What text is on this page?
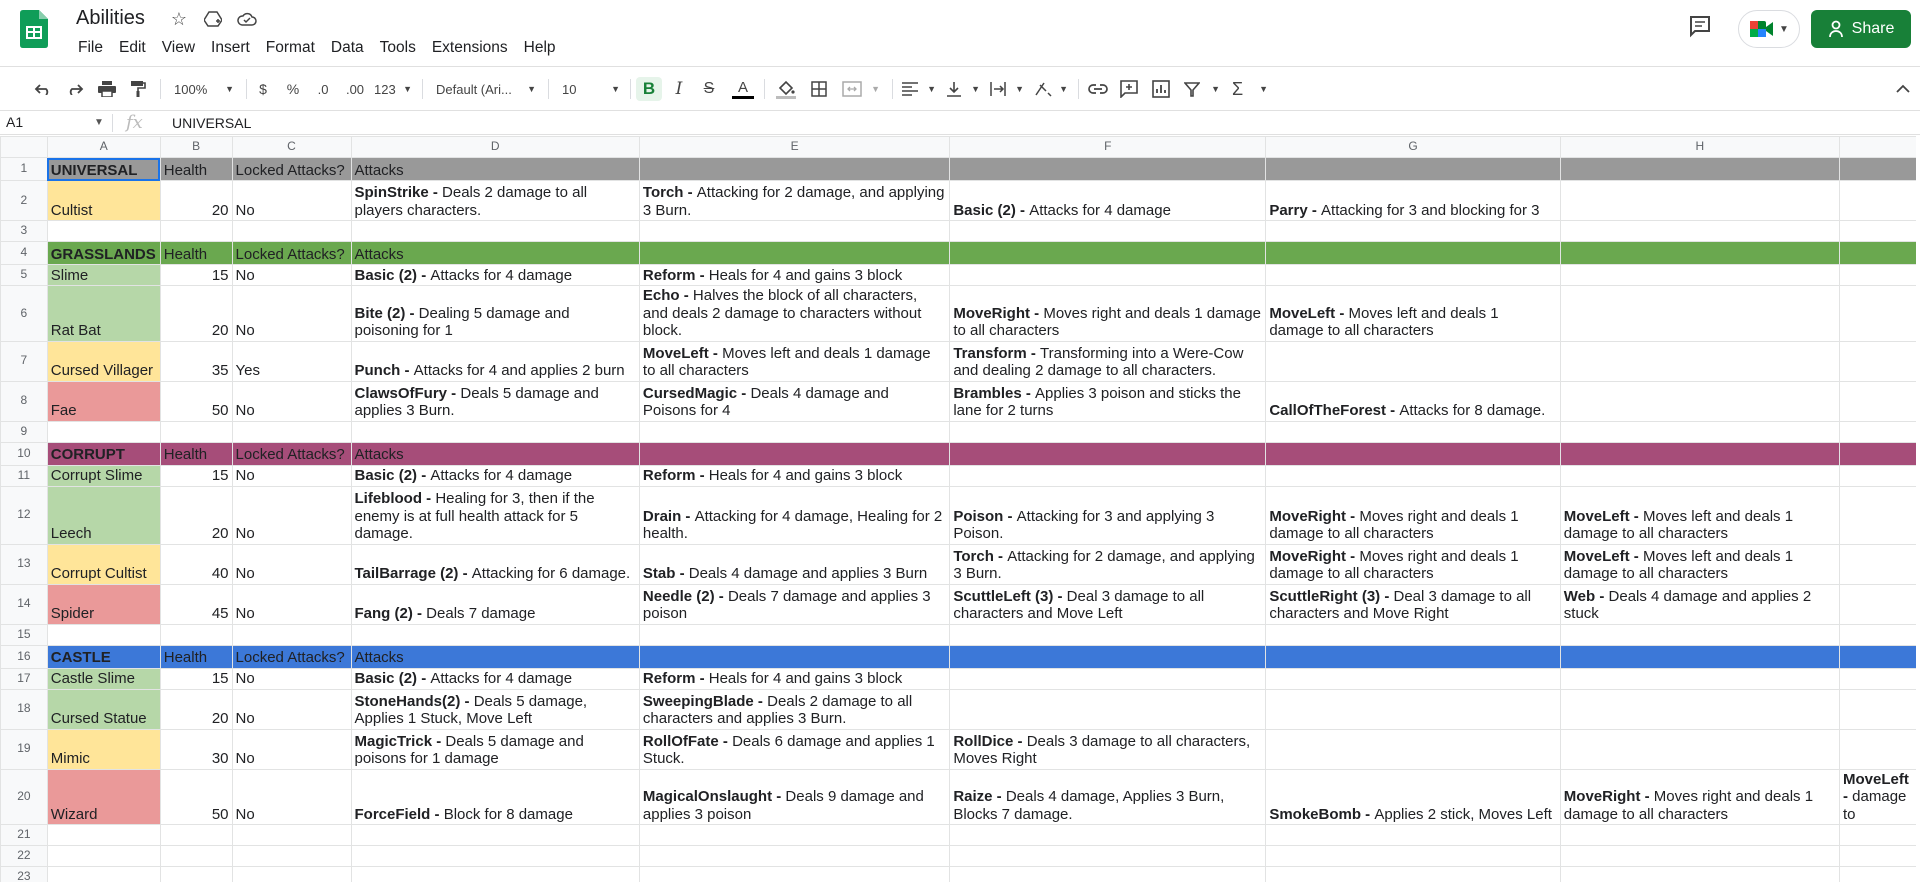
Abilities ☆
File	Edit	View	Insert	Format	Data	Tools	Extensions	Help
▼	Share
100% ▼ $ %	.0	.00 123 ▼ Default (Ari... ▼ 10	▼	B	I	S A	▼	▼	▼	▼	▼	▼ Σ ▼
A1	▼ fx UNIVERSAL
	A	B	C	D	E	F	G	H	
1	UNIVERSAL	Health	Locked Attacks?	Attacks					
2	Cultist	20	No	SpinStrike - Deals 2 damage to all players characters.	Torch - Attacking for 2 damage, and applying 3 Burn.	Basic (2) - Attacks for 4 damage	Parry - Attacking for 3 and blocking for 3		
3									
4	GRASSLANDS	Health	Locked Attacks?	Attacks					
5	Slime	15	No	Basic (2) - Attacks for 4 damage	Reform - Heals for 4 and gains 3 block				
6	Rat Bat	20	No	Bite (2) - Dealing 5 damage and poisoning for 1	Echo - Halves the block of all characters, and deals 2 damage to characters without block.	MoveRight - Moves right and deals 1 damage to all characters	MoveLeft - Moves left and deals 1 damage to all characters		
7	Cursed Villager	35	Yes	Punch - Attacks for 4 and applies 2 burn	MoveLeft - Moves left and deals 1 damage to all characters	Transform - Transforming into a Were-Cow and dealing 2 damage to all characters.			
8	Fae	50	No	ClawsOfFury - Deals 5 damage and applies 3 Burn.	CursedMagic - Deals 4 damage and Poisons for 4	Brambles - Applies 3 poison and sticks the lane for 2 turns	CallOfTheForest - Attacks for 8 damage.		
9									
10	CORRUPT	Health	Locked Attacks?	Attacks					
11	Corrupt Slime	15	No	Basic (2) - Attacks for 4 damage	Reform - Heals for 4 and gains 3 block				
12	Leech	20	No	Lifeblood - Healing for 3, then if the enemy is at full health attack for 5 damage.	Drain - Attacking for 4 damage, Healing for 2 health.	Poison - Attacking for 3 and applying 3 Poison.	MoveRight - Moves right and deals 1 damage to all characters	MoveLeft - Moves left and deals 1 damage to all characters	
13	Corrupt Cultist	40	No	TailBarrage (2) - Attacking for 6 damage.	Stab - Deals 4 damage and applies 3 Burn	Torch - Attacking for 2 damage, and applying 3 Burn.	MoveRight - Moves right and deals 1 damage to all characters	MoveLeft - Moves left and deals 1 damage to all characters	
14	Spider	45	No	Fang (2) - Deals 7 damage	Needle (2) - Deals 7 damage and applies 3 poison	ScuttleLeft (3) - Deal 3 damage to all characters and Move Left	ScuttleRight (3) - Deal 3 damage to all characters and Move Right	Web - Deals 4 damage and applies 2 stuck	
15									
16	CASTLE	Health	Locked Attacks?	Attacks					
17	Castle Slime	15	No	Basic (2) - Attacks for 4 damage	Reform - Heals for 4 and gains 3 block				
18	Cursed Statue	20	No	StoneHands(2) - Deals 5 damage, Applies 1 Stuck, Move Left	SweepingBlade - Deals 2 damage to all characters and applies 3 Burn.				
19	Mimic	30	No	MagicTrick - Deals 5 damage and poisons for 1 damage	RollOfFate - Deals 6 damage and applies 1 Stuck.	RollDice - Deals 3 damage to all characters, Moves Right			
20	Wizard	50	No	ForceField - Block for 8 damage	MagicalOnslaught - Deals 9 damage and applies 3 poison	Raize - Deals 4 damage, Applies 3 Burn, Blocks 7 damage.	SmokeBomb - Applies 2 stick, Moves Left	MoveRight - Moves right and deals 1 damage to all characters	MoveLeft - damage to
21									
22									
23									
